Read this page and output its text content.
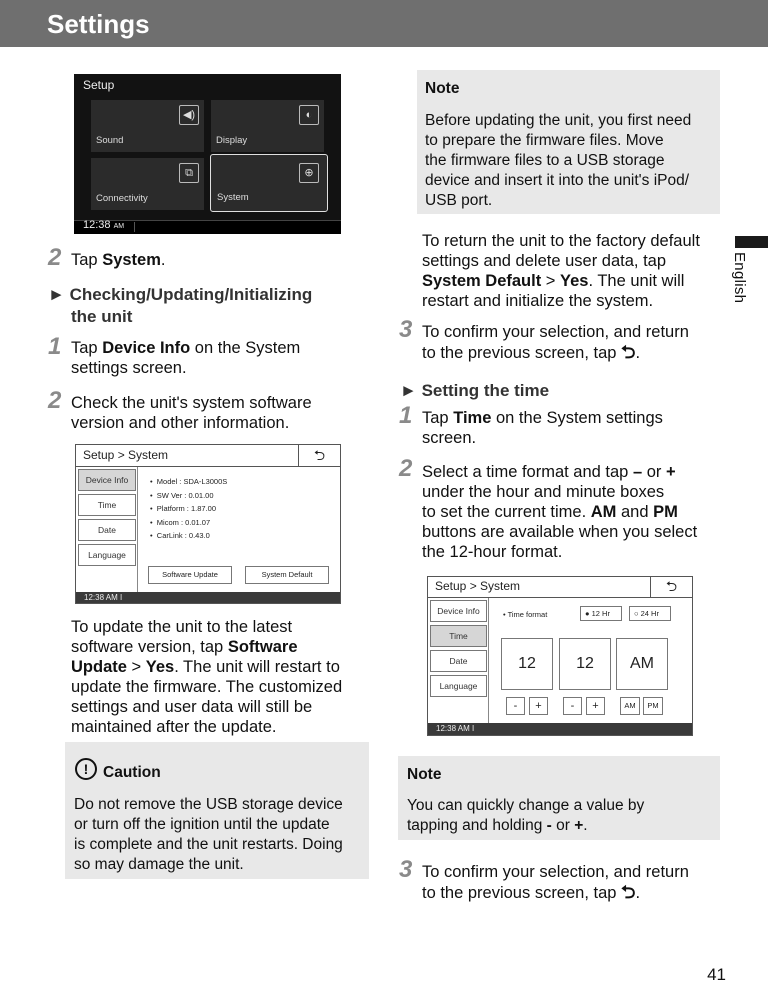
Settings
English
Setup
◀)
Sound
◐
Display
⧉
Connectivity
⊕
System
12:38 AM
2 Tap System.
► Checking/Updating/Initializing
the unit
1 Tap Device Info on the System
settings screen.
2 Check the unit's system software
version and other information.
Setup > System	⮌
Device Info
Time
Date
Language
•  Model : SDA-L3000S
•  SW Ver : 0.01.00
•  Platform : 1.87.00
•  Micom : 0.01.07
•  CarLink : 0.43.0
Software Update	System Default
12:38 AM I
To update the unit to the latest
software version, tap Software
Update > Yes. The unit will restart to
update the firmware. The customized
settings and user data will still be
maintained after the update.
! Caution
Do not remove the USB storage device
or turn off the ignition until the update
is complete and the unit restarts. Doing
so may damage the unit.
Note
Before updating the unit, you first need
to prepare the firmware files. Move
the firmware files to a USB storage
device and insert it into the unit's iPod/
USB port.
To return the unit to the factory default
settings and delete user data, tap
System Default > Yes. The unit will
restart and initialize the system.
3 To confirm your selection, and return
to the previous screen, tap ⮌.
► Setting the time
1 Tap Time on the System settings
screen.
2 Select a time format and tap – or +
under the hour and minute boxes
to set the current time. AM and PM
buttons are available when you select
the 12-hour format.
Setup > System	⮌
Device Info
Time
Date
Language
• Time format	● 12 Hr	○ 24 Hr
12	12	AM
-	+	-	+	AM	PM
12:38 AM I
Note
You can quickly change a value by
tapping and holding - or +.
3 To confirm your selection, and return
to the previous screen, tap ⮌.
41
